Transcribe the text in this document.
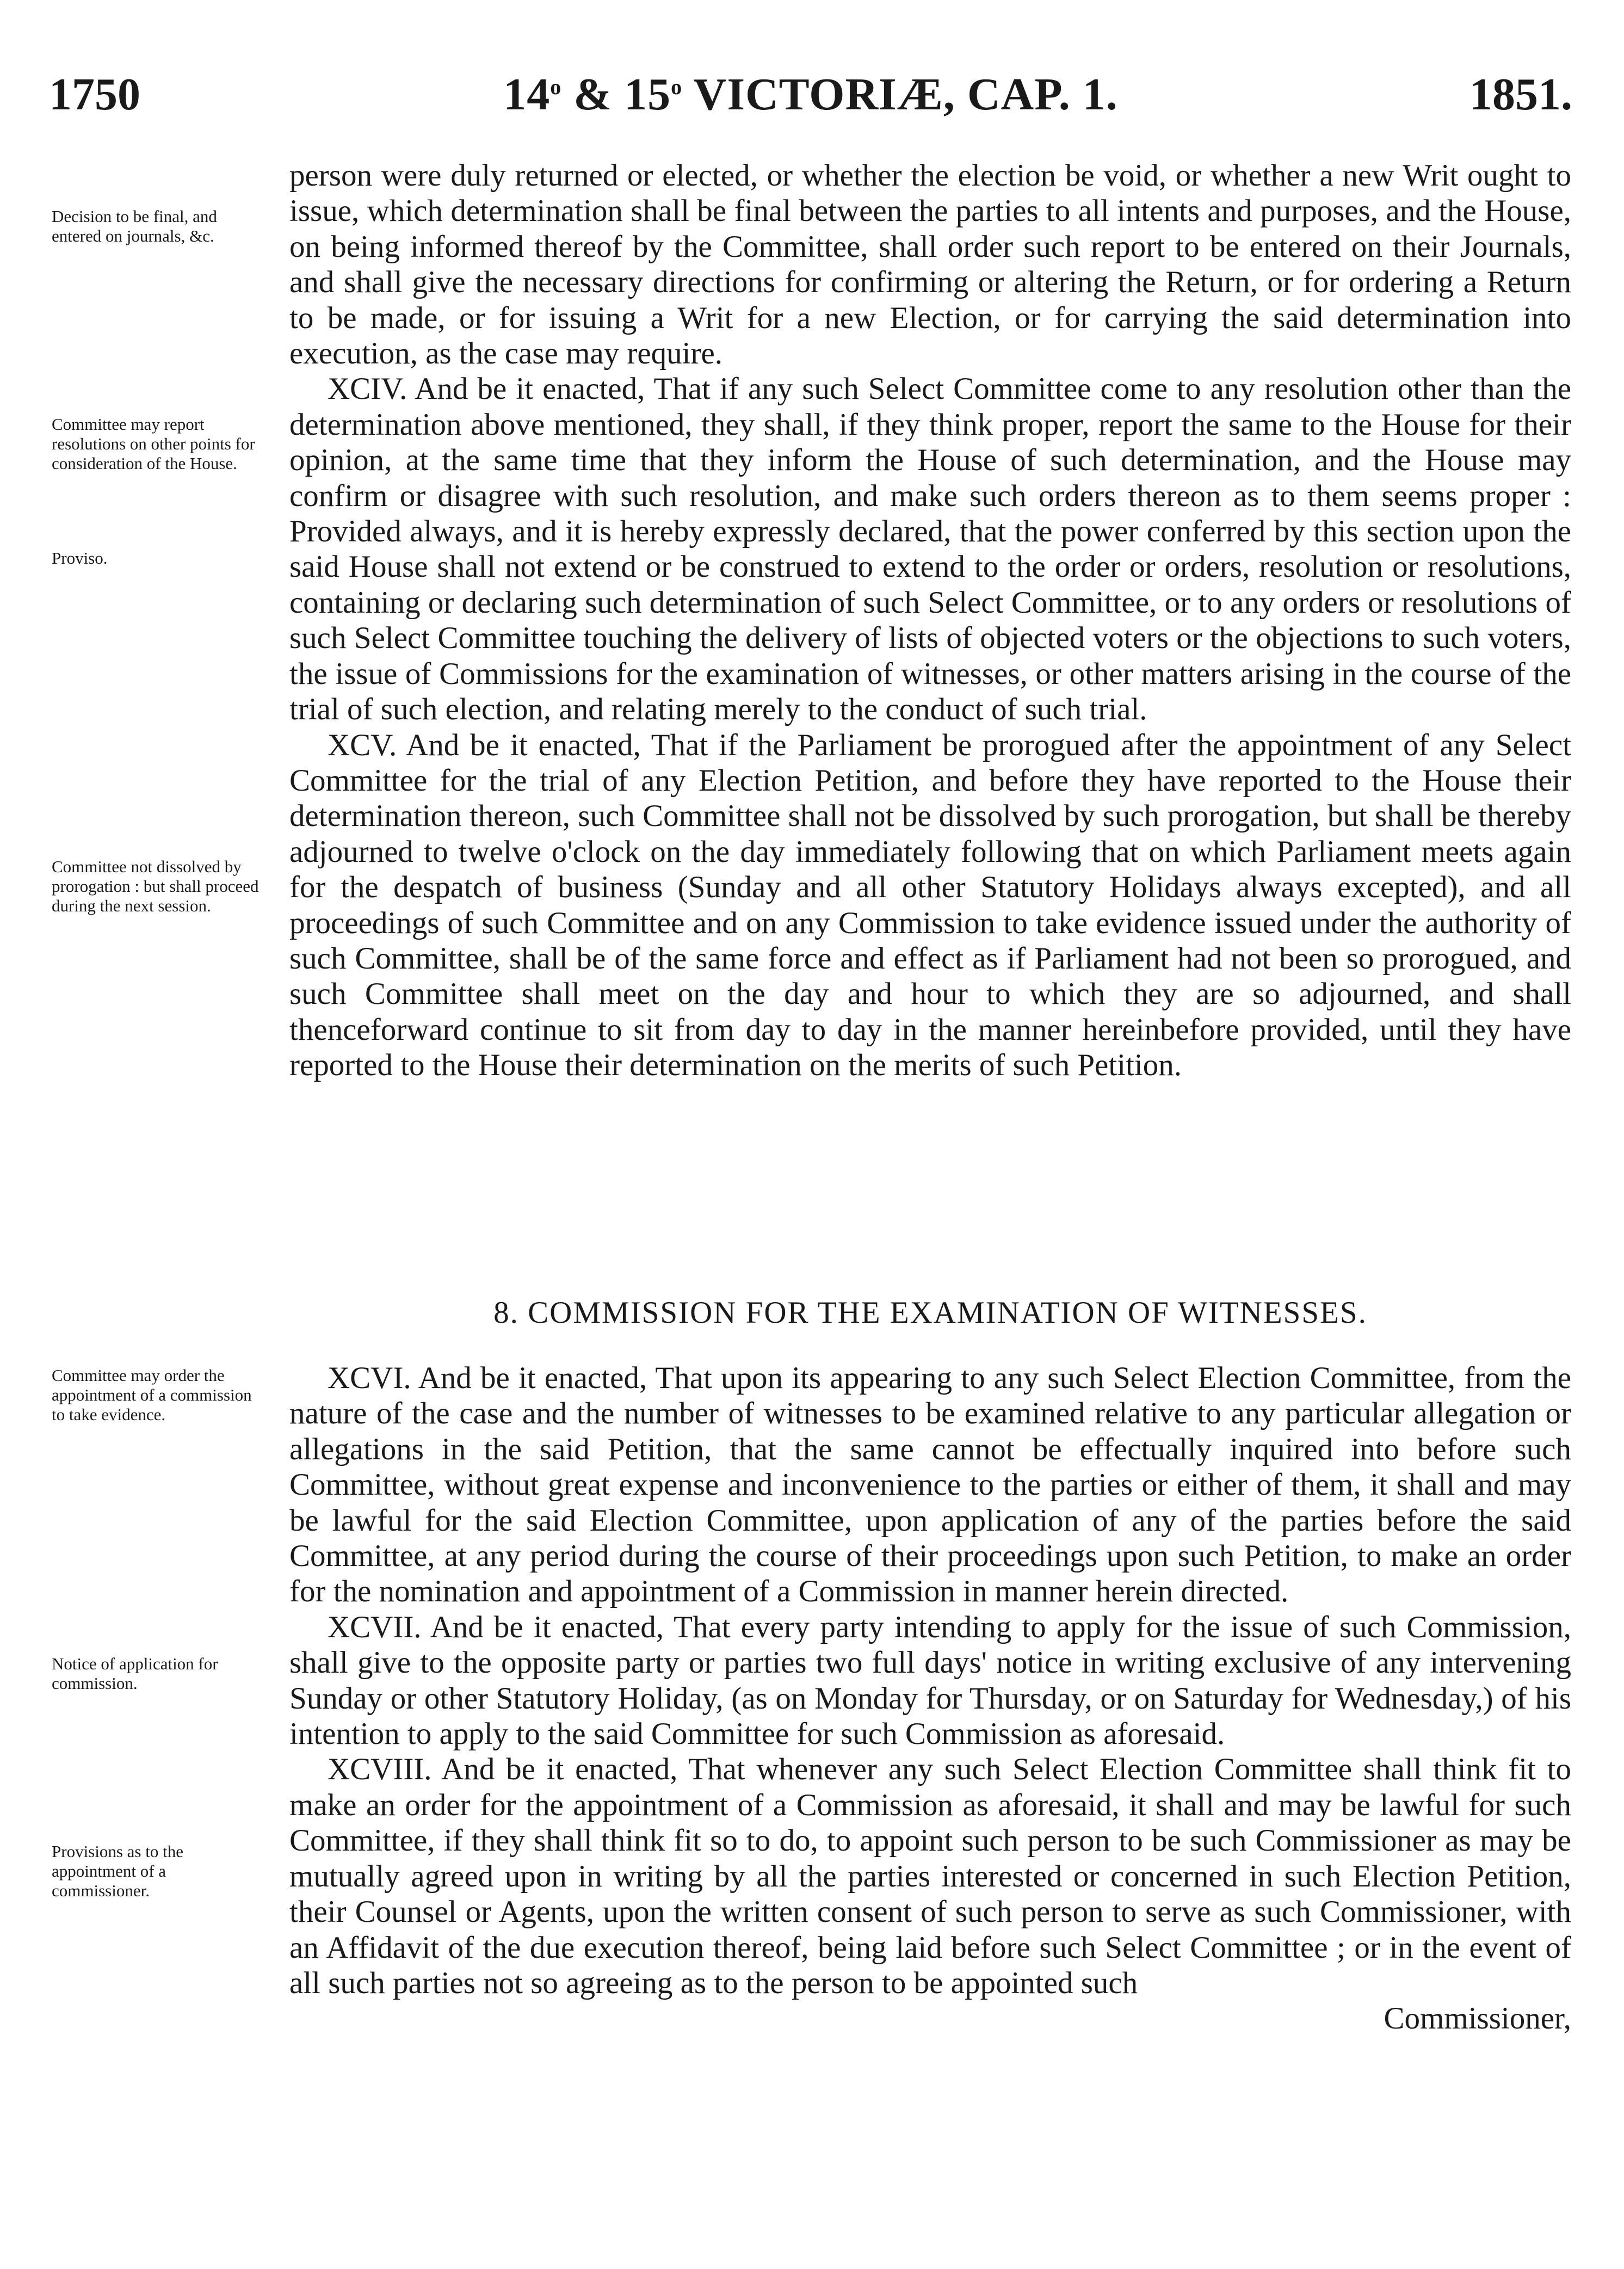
1750	14$^o$ & 15$^o$ VICTORIÆ, CAP. 1.	1851.
Decision to be final, and entered on journals, &c.
Committee may report resolutions on other points for consideration of the House.
Proviso.
Committee not dissolved by prorogation : but shall proceed during the next session.
Committee may order the appointment of a commission to take evidence.
Notice of application for commission.
Provisions as to the appointment of a commissioner.

person were duly returned or elected, or whether the election be void, or whether a new Writ ought to issue, which determination shall be final between the parties to all intents and purposes, and the House, on being informed thereof by the Committee, shall order such report to be entered on their Journals, and shall give the necessary directions for confirming or altering the Return, or for ordering a Return to be made, or for issuing a Writ for a new Election, or for carrying the said determination into execution, as the case may require.

XCIV. And be it enacted, That if any such Select Committee come to any resolution other than the determination above mentioned, they shall, if they think proper, report the same to the House for their opinion, at the same time that they inform the House of such determination, and the House may confirm or disagree with such resolution, and make such orders thereon as to them seems proper : Provided always, and it is hereby expressly declared, that the power conferred by this section upon the said House shall not extend or be construed to extend to the order or orders, resolution or resolutions, containing or declaring such determination of such Select Committee, or to any orders or resolutions of such Select Committee touching the delivery of lists of objected voters or the objections to such voters, the issue of Commissions for the examination of witnesses, or other matters arising in the course of the trial of such election, and relating merely to the conduct of such trial.

XCV. And be it enacted, That if the Parliament be prorogued after the appointment of any Select Committee for the trial of any Election Petition, and before they have reported to the House their determination thereon, such Committee shall not be dissolved by such prorogation, but shall be thereby adjourned to twelve o'clock on the day immediately following that on which Parliament meets again for the despatch of business (Sunday and all other Statutory Holidays always excepted), and all proceedings of such Committee and on any Commission to take evidence issued under the authority of such Committee, shall be of the same force and effect as if Parliament had not been so prorogued, and such Committee shall meet on the day and hour to which they are so adjourned, and shall thenceforward continue to sit from day to day in the manner hereinbefore provided, until they have reported to the House their determination on the merits of such Petition.

8. COMMISSION FOR THE EXAMINATION OF WITNESSES.

XCVI. And be it enacted, That upon its appearing to any such Select Election Committee, from the nature of the case and the number of witnesses to be examined relative to any particular allegation or allegations in the said Petition, that the same cannot be effectually inquired into before such Committee, without great expense and inconvenience to the parties or either of them, it shall and may be lawful for the said Election Committee, upon application of any of the parties before the said Committee, at any period during the course of their proceedings upon such Petition, to make an order for the nomination and appointment of a Commission in manner herein directed.

XCVII. And be it enacted, That every party intending to apply for the issue of such Commission, shall give to the opposite party or parties two full days' notice in writing exclusive of any intervening Sunday or other Statutory Holiday, (as on Monday for Thursday, or on Saturday for Wednesday,) of his intention to apply to the said Committee for such Commission as aforesaid.

XCVIII. And be it enacted, That whenever any such Select Election Committee shall think fit to make an order for the appointment of a Commission as aforesaid, it shall and may be lawful for such Committee, if they shall think fit so to do, to appoint such person to be such Commissioner as may be mutually agreed upon in writing by all the parties interested or concerned in such Election Petition, their Counsel or Agents, upon the written consent of such person to serve as such Commissioner, with an Affidavit of the due execution thereof, being laid before such Select Committee ; or in the event of all such parties not so agreeing as to the person to be appointed such

Commissioner,
